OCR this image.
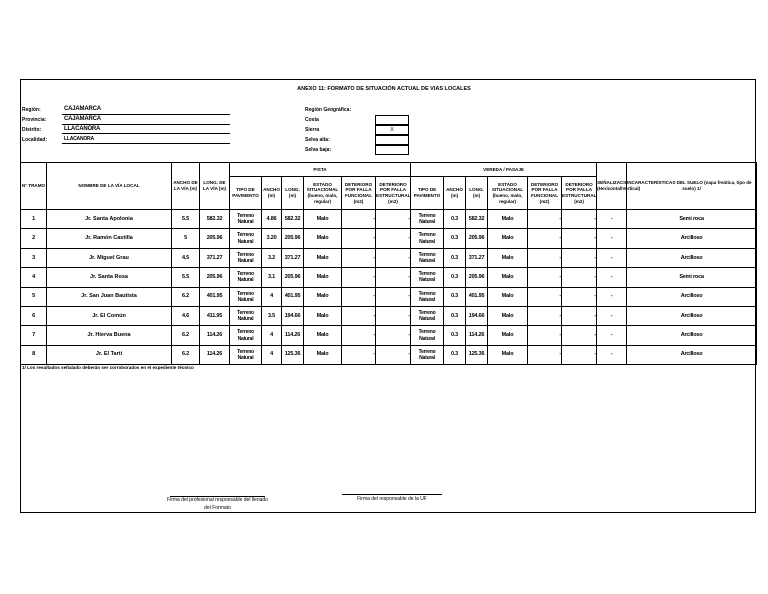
ANEXO 11: FORMATO DE SITUACIÓN ACTUAL DE VIAS LOCALES
Región:	CAJAMARCA
Provincia:	CAJAMARCA
Distrito:	LLACANORA
Localidad:	LLACANORA
Región Geográfica:
Costa
Sierra	X
Selva alta:
Selva baja:
N° TRAMO	NOMBRE DE LA VÍA LOCAL	ANCHO DE LA VÍA (m)	LONG. DE LA VÍA (m)	PISTA						VEREDA / PASAJE						SEÑALIZACIÓN (Horizontal/Vertical)	CARACTERÍSTICAS DEL SUELO (napa freática, tipo de suelo) 1/
				TIPO DE PAVIMENTO	ANCHO (m)	LONG. (m)	ESTADO SITUACIONAL (bueno, malo, regular)	DETERIORO POR FALLA FUNCIONAL (m2)	DETERIORO POR FALLA ESTRUCTURAL (m2)	TIPO DE PAVIMENTO	ANCHO (m)	LONG. (m)	ESTADO SITUACIONAL (bueno, malo, regular)	DETERIORO POR FALLA FUNCIONAL (m2)	DETERIORO POR FALLA ESTRUCTURAL (m2)		
1	Jr. Santa Apolonia	5.5	582.32	Terreno Natural	4.86	582.32	Malo	-	-	Terreno Natural	0.3	582.32	Malo	-	-	-	Semi roca
2	Jr. Ramón Castilla	5	205.96	Terreno Natural	3.20	205.96	Malo	-	-	Terreno Natural	0.3	205.96	Malo	-	-	-	Arcilloso
3	Jr. Miguel Grau	4.5	371.27	Terreno Natural	3.2	371.27	Malo	-	-	Terreno Natural	0.3	371.27	Malo	-	-	-	Arcilloso
4	Jr. Santa Rosa	5.5	205.96	Terreno Natural	3.1	205.96	Malo	-	-	Terreno Natural	0.3	205.96	Malo	-	-	-	Semi roca
5	Jr. San Juan Bautista	6.2	401.95	Terreno Natural	4	401.95	Malo	-	-	Terreno Natural	0.3	401.95	Malo	-	-	-	Arcilloso
6	Jr. El Común	4.6	411.95	Terreno Natural	3.5	194.66	Malo	-	-	Terreno Natural	0.3	194.66	Malo	-	-	-	Arcilloso
7	Jr. Hierva Buena	6.2	114.26	Terreno Natural	4	114.26	Malo	-	-	Terreno Natural	0.3	114.26	Malo	-	-	-	Arcilloso
8	Jr. El Tarti	6.2	114.26	Terreno Natural	4	125.36	Malo	-	-	Terreno Natural	0.3	125.36	Malo	-	-	-	Arcilloso
1/ Los resultados señalado deberán ser corroborados en el expediente técnico
Firma del profesional responsable del llenado del Formato
Firma del responsable de la UF
